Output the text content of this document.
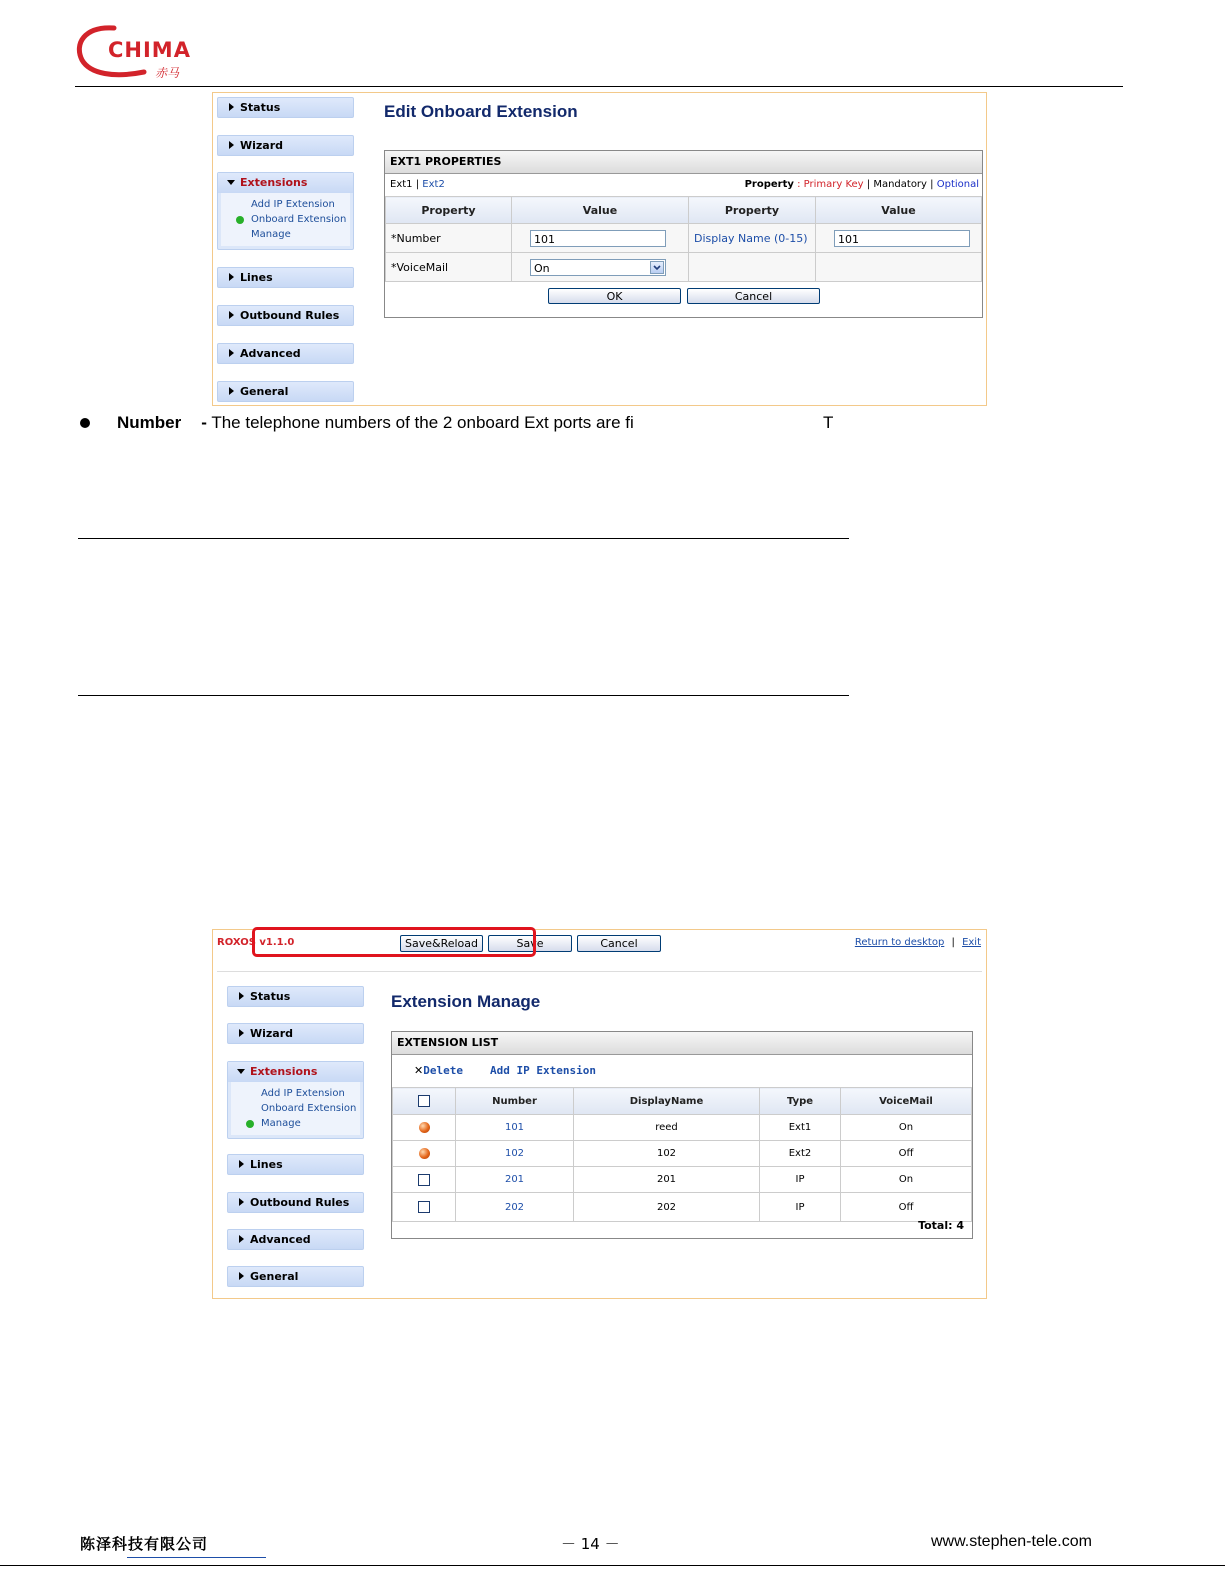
CHIMA
赤马
Status
Wizard
Extensions
Add IP Extension
Onboard Extension
Manage
Lines
Outbound Rules
Advanced
General
Edit Onboard Extension
EXT1 PROPERTIES
Ext1 | Ext2	Property : Primary Key | Mandatory | Optional
Property	Value	Property	Value
*Number	101	Display Name (0-15)	101

*VoiceMail	On		

OK	Cancel
Number - The telephone numbers of the 2 onboard Ext ports are fi	T
ROXOS v1.1.0	Save&Reload	Save	Cancel	Return to desktop | Exit
Status
Wizard
Extensions
Add IP Extension
Onboard Extension
Manage
Lines
Outbound Rules
Advanced
General
Extension Manage
EXTENSION LIST
✕Delete Add IP Extension
	Number	DisplayName	Type	VoiceMail
	101	reed	Ext1	On
	102	102	Ext2	Off
	201	201	IP	On
	202	202	IP	Off
Total: 4
陈泽科技有限公司	－ 14 －	www.stephen-tele.com
